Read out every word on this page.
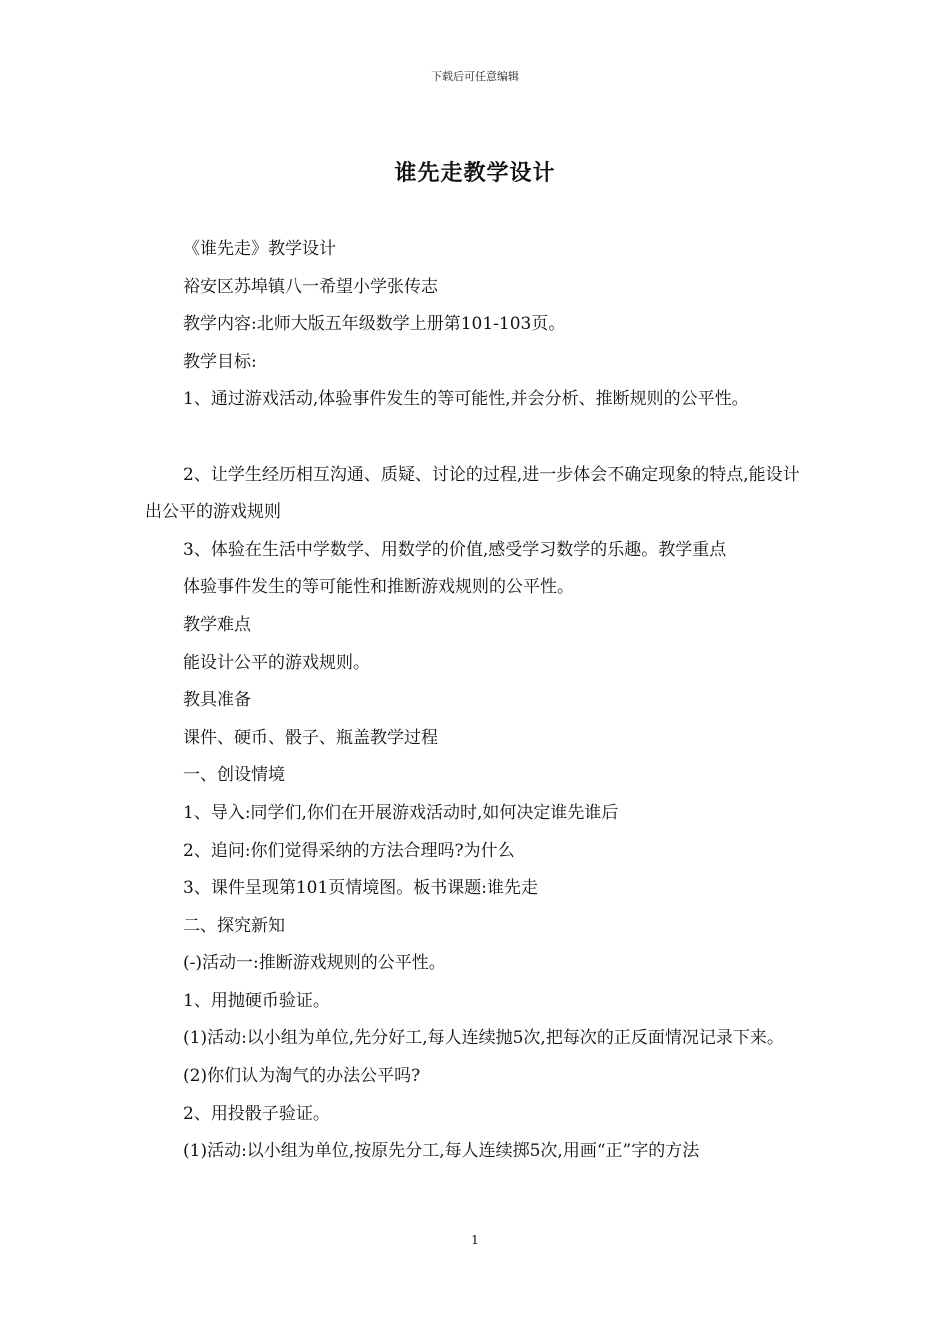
下载后可任意编辑
谁先走教学设计

《谁先走》教学设计

裕安区苏埠镇八一希望小学张传志

教学内容:北师大版五年级数学上册第101-103页。

教学目标:

1、通过游戏活动,体验事件发生的等可能性,并会分析、推断规则的公平性。

2、让学生经历相互沟通、质疑、讨论的过程,进一步体会不确定现象的特点,能设计出公平的游戏规则

3、体验在生活中学数学、用数学的价值,感受学习数学的乐趣。教学重点

体验事件发生的等可能性和推断游戏规则的公平性。

教学难点

能设计公平的游戏规则。

教具准备

课件、硬币、骰子、瓶盖教学过程

一、创设情境

1、导入:同学们,你们在开展游戏活动时,如何决定谁先谁后

2、追问:你们觉得采纳的方法合理吗?为什么

3、课件呈现第101页情境图。板书课题:谁先走

二、探究新知

(-)活动一:推断游戏规则的公平性。

1、用抛硬币验证。

(1)活动:以小组为单位,先分好工,每人连续抛5次,把每次的正反面情况记录下来。

(2)你们认为淘气的办法公平吗?

2、用投骰子验证。

(1)活动:以小组为单位,按原先分工,每人连续掷5次,用画“正”字的方法

1
